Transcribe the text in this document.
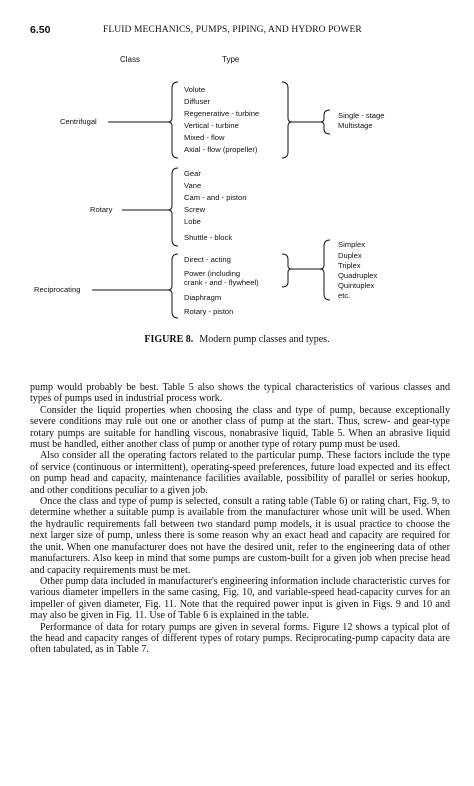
6.50	FLUID MECHANICS, PUMPS, PIPING, AND HYDRO POWER
Class	Type
Centrifugal
Volute
Diffuser
Regenerative - turbine
Vertical - turbine
Mixed - flow
Axial - flow (propeller)
Single - stage
Multistage
Rotary
Gear
Vane
Cam - and - piston
Screw
Lobe
Shuttle - block
Reciprocating
Direct - acting
Power (including
crank - and - flywheel)
Diaphragm
Rotary - piston
Simplex
Duplex
Triplex
Quadruplex
Quintuplex
etc.
FIGURE 8. Modern pump classes and types.

pump would probably be best. Table 5 also shows the typical characteristics of various classes and types of pumps used in industrial process work.

Consider the liquid properties when choosing the class and type of pump, because exceptionally severe conditions may rule out one or another class of pump at the start. Thus, screw- and gear-type rotary pumps are suitable for handling viscous, nonabrasive liquid, Table 5. When an abrasive liquid must be handled, either another class of pump or another type of rotary pump must be used.

Also consider all the operating factors related to the particular pump. These factors include the type of service (continuous or intermittent), operating-speed preferences, future load expected and its effect on pump head and capacity, maintenance facilities available, possibility of parallel or series hookup, and other conditions peculiar to a given job.

Once the class and type of pump is selected, consult a rating table (Table 6) or rating chart, Fig. 9, to determine whether a suitable pump is available from the manufacturer whose unit will be used. When the hydraulic requirements fall between two standard pump models, it is usual practice to choose the next larger size of pump, unless there is some reason why an exact head and capacity are required for the unit. When one manufacturer does not have the desired unit, refer to the engineering data of other manufacturers. Also keep in mind that some pumps are custom-built for a given job when precise head and capacity requirements must be met.

Other pump data included in manufacturer's engineering information include characteristic curves for various diameter impellers in the same casing, Fig. 10, and variable-speed head-capacity curves for an impeller of given diameter, Fig. 11. Note that the required power input is given in Figs. 9 and 10 and may also be given in Fig. 11. Use of Table 6 is explained in the table.

Performance of data for rotary pumps are given in several forms. Figure 12 shows a typical plot of the head and capacity ranges of different types of rotary pumps. Reciprocating-pump capacity data are often tabulated, as in Table 7.
